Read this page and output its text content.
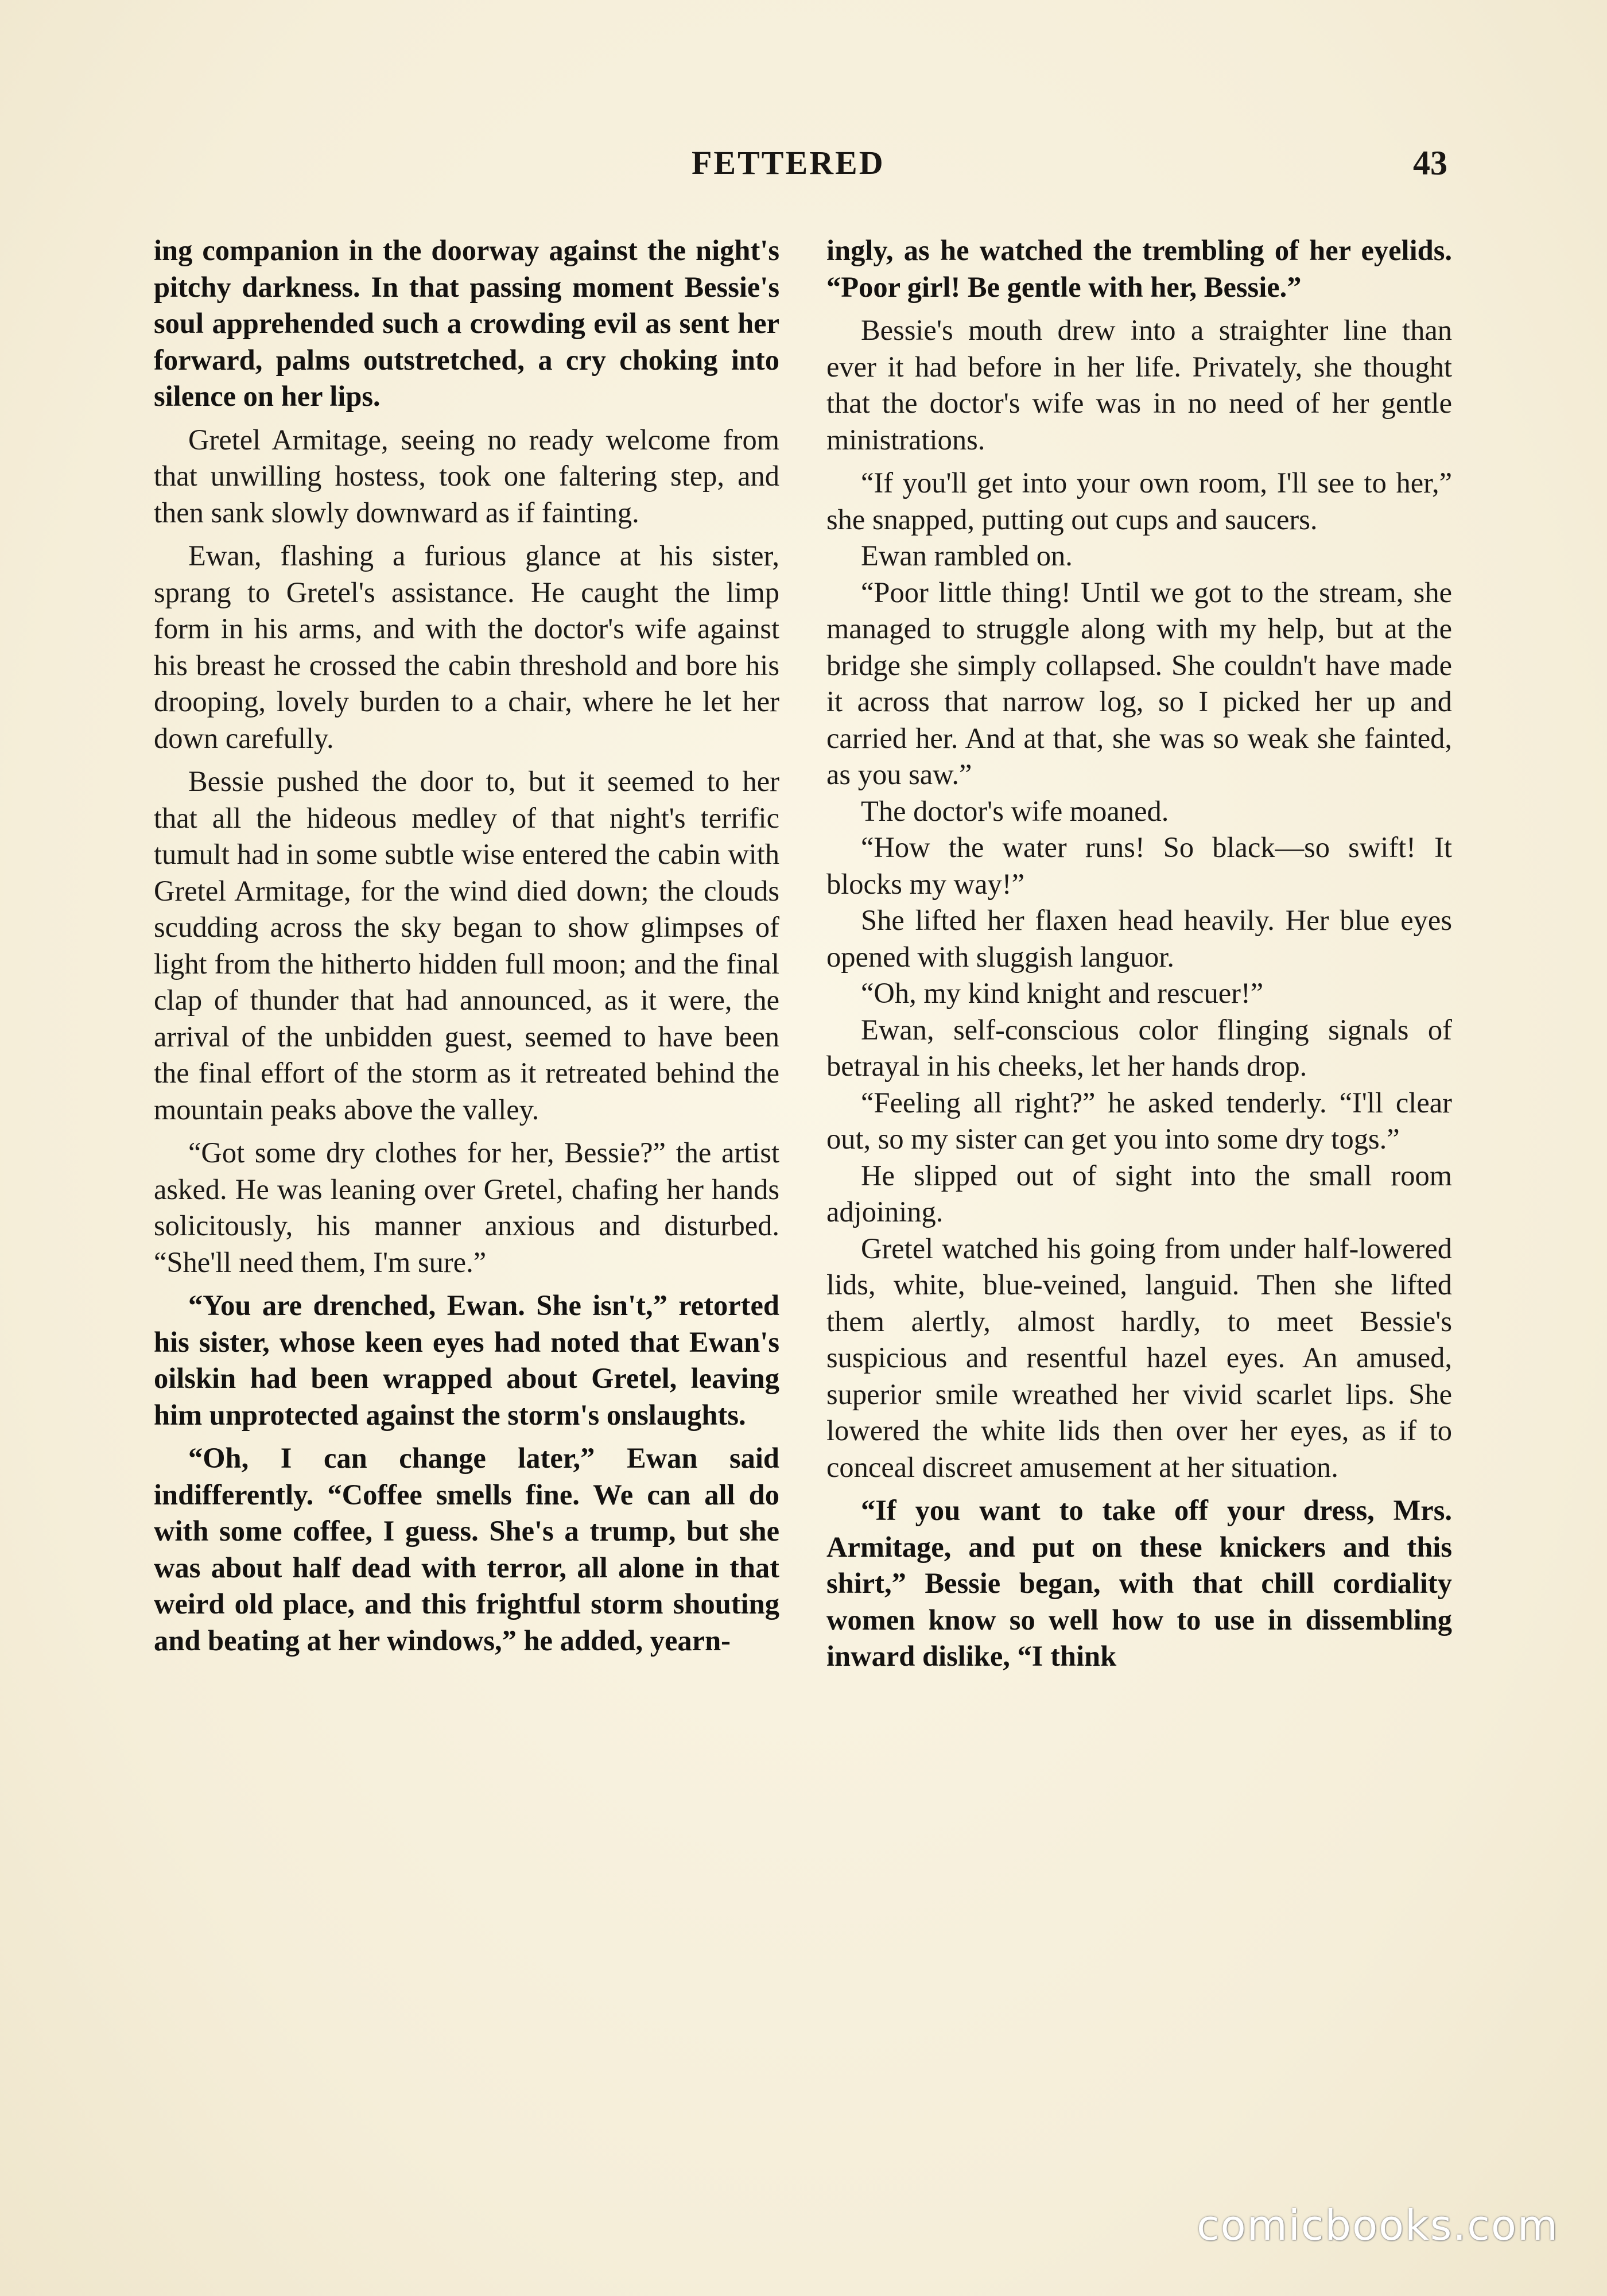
FETTERED	43

ing companion in the doorway against the night's pitchy darkness. In that passing moment Bessie's soul apprehended such a crowding evil as sent her forward, palms outstretched, a cry choking into silence on her lips.

Gretel Armitage, seeing no ready welcome from that unwilling hostess, took one faltering step, and then sank slowly downward as if fainting.

Ewan, flashing a furious glance at his sister, sprang to Gretel's assistance. He caught the limp form in his arms, and with the doctor's wife against his breast he crossed the cabin threshold and bore his drooping, lovely burden to a chair, where he let her down carefully.

Bessie pushed the door to, but it seemed to her that all the hideous medley of that night's terrific tumult had in some subtle wise entered the cabin with Gretel Armitage, for the wind died down; the clouds scudding across the sky began to show glimpses of light from the hitherto hidden full moon; and the final clap of thunder that had announced, as it were, the arrival of the unbidden guest, seemed to have been the final effort of the storm as it retreated behind the mountain peaks above the valley.

“Got some dry clothes for her, Bessie?” the artist asked. He was leaning over Gretel, chafing her hands solicitously, his manner anxious and disturbed. “She'll need them, I'm sure.”

“You are drenched, Ewan. She isn't,” retorted his sister, whose keen eyes had noted that Ewan's oilskin had been wrapped about Gretel, leaving him unprotected against the storm's onslaughts.

“Oh, I can change later,” Ewan said indifferently. “Coffee smells fine. We can all do with some coffee, I guess. She's a trump, but she was about half dead with terror, all alone in that weird old place, and this frightful storm shouting and beating at her windows,” he added, yearn-

ingly, as he watched the trembling of her eyelids. “Poor girl! Be gentle with her, Bessie.”

Bessie's mouth drew into a straighter line than ever it had before in her life. Privately, she thought that the doctor's wife was in no need of her gentle ministrations.

“If you'll get into your own room, I'll see to her,” she snapped, putting out cups and saucers.

Ewan rambled on.

“Poor little thing! Until we got to the stream, she managed to struggle along with my help, but at the bridge she simply collapsed. She couldn't have made it across that narrow log, so I picked her up and carried her. And at that, she was so weak she fainted, as you saw.”

The doctor's wife moaned.

“How the water runs! So black—so swift! It blocks my way!”

She lifted her flaxen head heavily. Her blue eyes opened with sluggish languor.

“Oh, my kind knight and rescuer!”

Ewan, self-conscious color flinging signals of betrayal in his cheeks, let her hands drop.

“Feeling all right?” he asked tenderly. “I'll clear out, so my sister can get you into some dry togs.”

He slipped out of sight into the small room adjoining.

Gretel watched his going from under half-lowered lids, white, blue-veined, languid. Then she lifted them alertly, almost hardly, to meet Bessie's suspicious and resentful hazel eyes. An amused, superior smile wreathed her vivid scarlet lips. She lowered the white lids then over her eyes, as if to conceal discreet amusement at her situation.

“If you want to take off your dress, Mrs. Armitage, and put on these knickers and this shirt,” Bessie began, with that chill cordiality women know so well how to use in dissembling inward dislike, “I think

comicbooks.com
